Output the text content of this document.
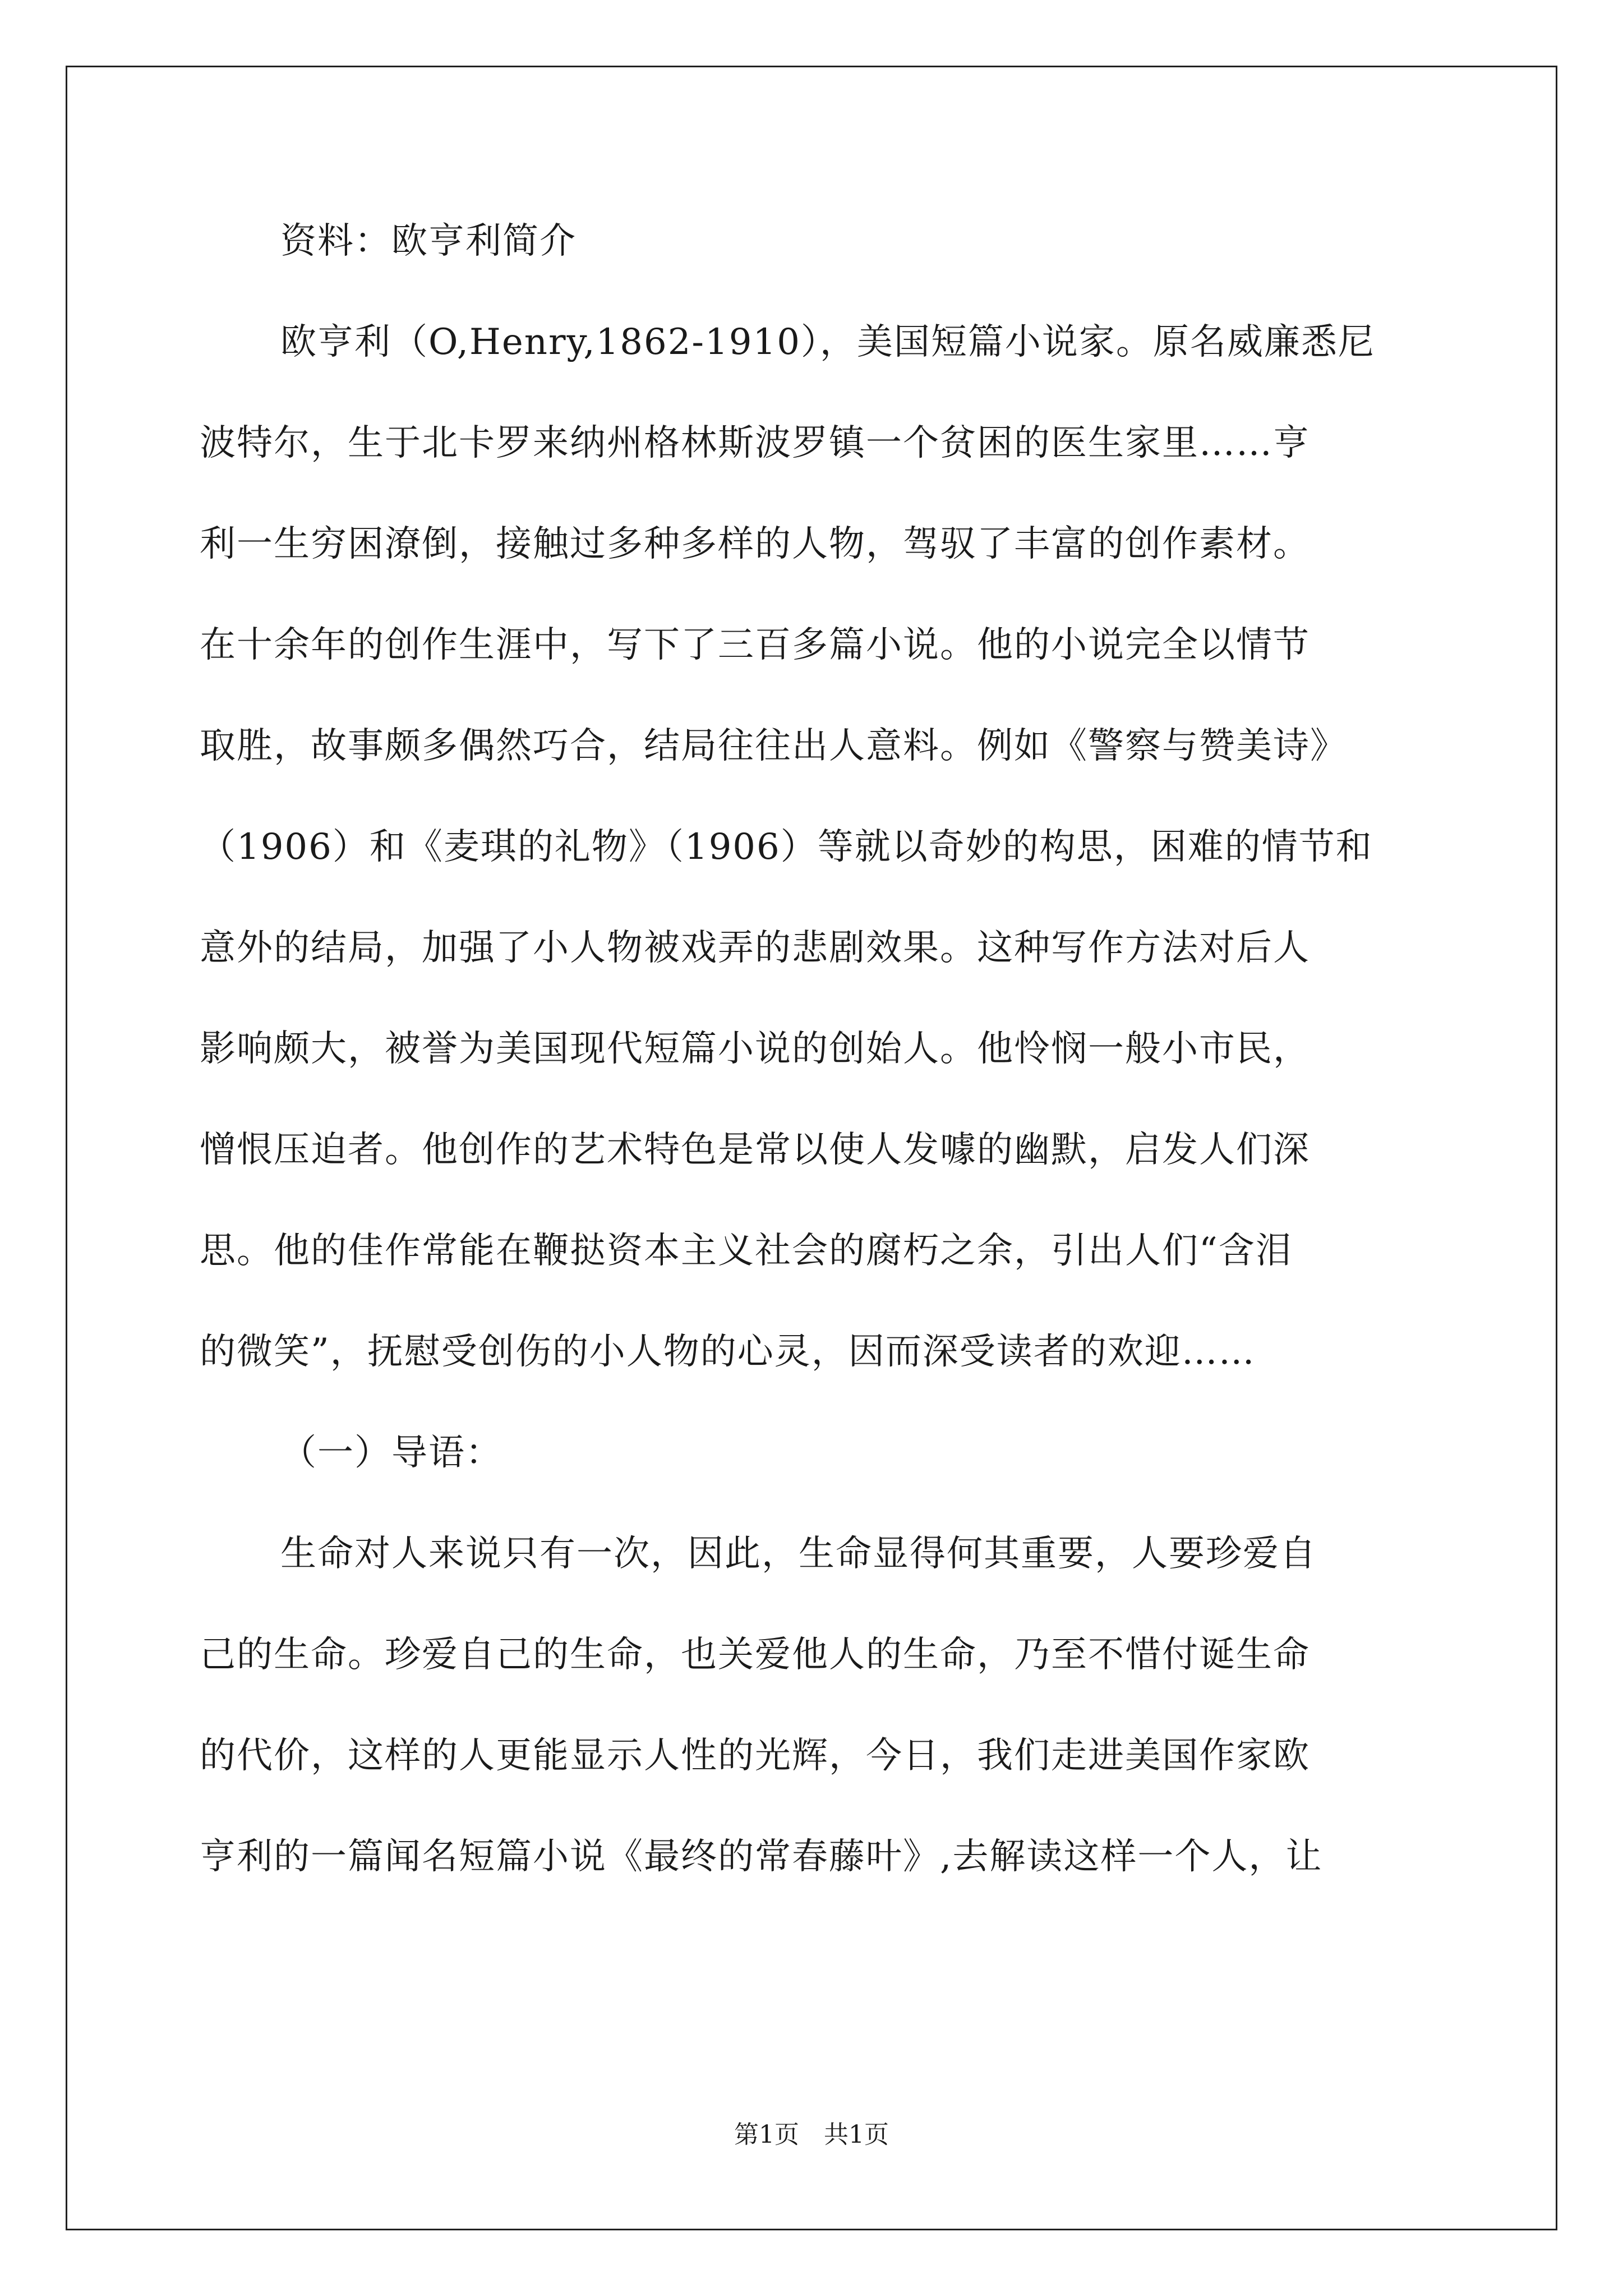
资料：欧亨利简介
欧亨利（O,Henry,1862-1910），美国短篇小说家。原名威廉悉尼
波特尔，生于北卡罗来纳州格林斯波罗镇一个贫困的医生家里……亨
利一生穷困潦倒，接触过多种多样的人物，驾驭了丰富的创作素材。
在十余年的创作生涯中，写下了三百多篇小说。他的小说完全以情节
取胜，故事颇多偶然巧合，结局往往出人意料。例如《警察与赞美诗》
（1906）和《麦琪的礼物》（1906）等就以奇妙的构思，困难的情节和
意外的结局，加强了小人物被戏弄的悲剧效果。这种写作方法对后人
影响颇大，被誉为美国现代短篇小说的创始人。他怜悯一般小市民，
憎恨压迫者。他创作的艺术特色是常以使人发噱的幽默，启发人们深
思。他的佳作常能在鞭挞资本主义社会的腐朽之余，引出人们“含泪
的微笑”，抚慰受创伤的小人物的心灵，因而深受读者的欢迎……
（一）导语：
生命对人来说只有一次，因此，生命显得何其重要，人要珍爱自
己的生命。珍爱自己的生命，也关爱他人的生命，乃至不惜付诞生命
的代价，这样的人更能显示人性的光辉，今日，我们走进美国作家欧
亨利的一篇闻名短篇小说《最终的常春藤叶》,去解读这样一个人，让
第1页　共1页
